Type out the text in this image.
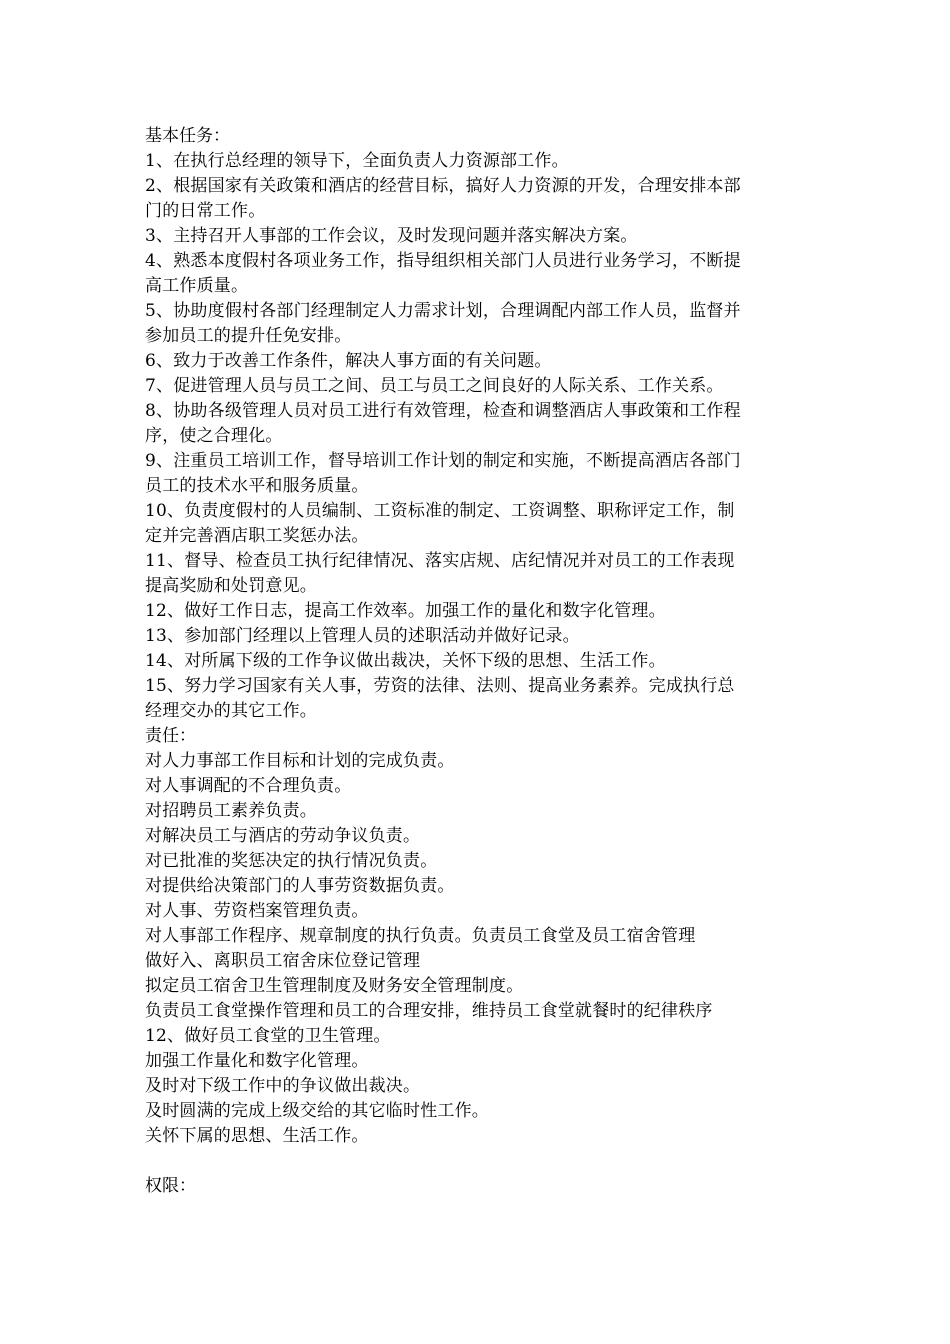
基本任务：
1、在执行总经理的领导下，全面负责人力资源部工作。
2、根据国家有关政策和酒店的经营目标，搞好人力资源的开发，合理安排本部
门的日常工作。
3、主持召开人事部的工作会议，及时发现问题并落实解决方案。
4、熟悉本度假村各项业务工作，指导组织相关部门人员进行业务学习，不断提
高工作质量。
5、协助度假村各部门经理制定人力需求计划，合理调配内部工作人员，监督并
参加员工的提升任免安排。
6、致力于改善工作条件，解决人事方面的有关问题。
7、促进管理人员与员工之间、员工与员工之间良好的人际关系、工作关系。
8、协助各级管理人员对员工进行有效管理，检查和调整酒店人事政策和工作程
序，使之合理化。
9、注重员工培训工作，督导培训工作计划的制定和实施，不断提高酒店各部门
员工的技术水平和服务质量。
10、负责度假村的人员编制、工资标准的制定、工资调整、职称评定工作，制
定并完善酒店职工奖惩办法。
11、督导、检查员工执行纪律情况、落实店规、店纪情况并对员工的工作表现
提高奖励和处罚意见。
12、做好工作日志，提高工作效率。加强工作的量化和数字化管理。
13、参加部门经理以上管理人员的述职活动并做好记录。
14、对所属下级的工作争议做出裁决，关怀下级的思想、生活工作。
15、努力学习国家有关人事，劳资的法律、法则、提高业务素养。完成执行总
经理交办的其它工作。
责任：
对人力事部工作目标和计划的完成负责。
对人事调配的不合理负责。
对招聘员工素养负责。
对解决员工与酒店的劳动争议负责。
对已批准的奖惩决定的执行情况负责。
对提供给决策部门的人事劳资数据负责。
对人事、劳资档案管理负责。
对人事部工作程序、规章制度的执行负责。负责员工食堂及员工宿舍管理
做好入、离职员工宿舍床位登记管理
拟定员工宿舍卫生管理制度及财务安全管理制度。
负责员工食堂操作管理和员工的合理安排，维持员工食堂就餐时的纪律秩序
12、做好员工食堂的卫生管理。
加强工作量化和数字化管理。
及时对下级工作中的争议做出裁决。
及时圆满的完成上级交给的其它临时性工作。
关怀下属的思想、生活工作。
权限：
